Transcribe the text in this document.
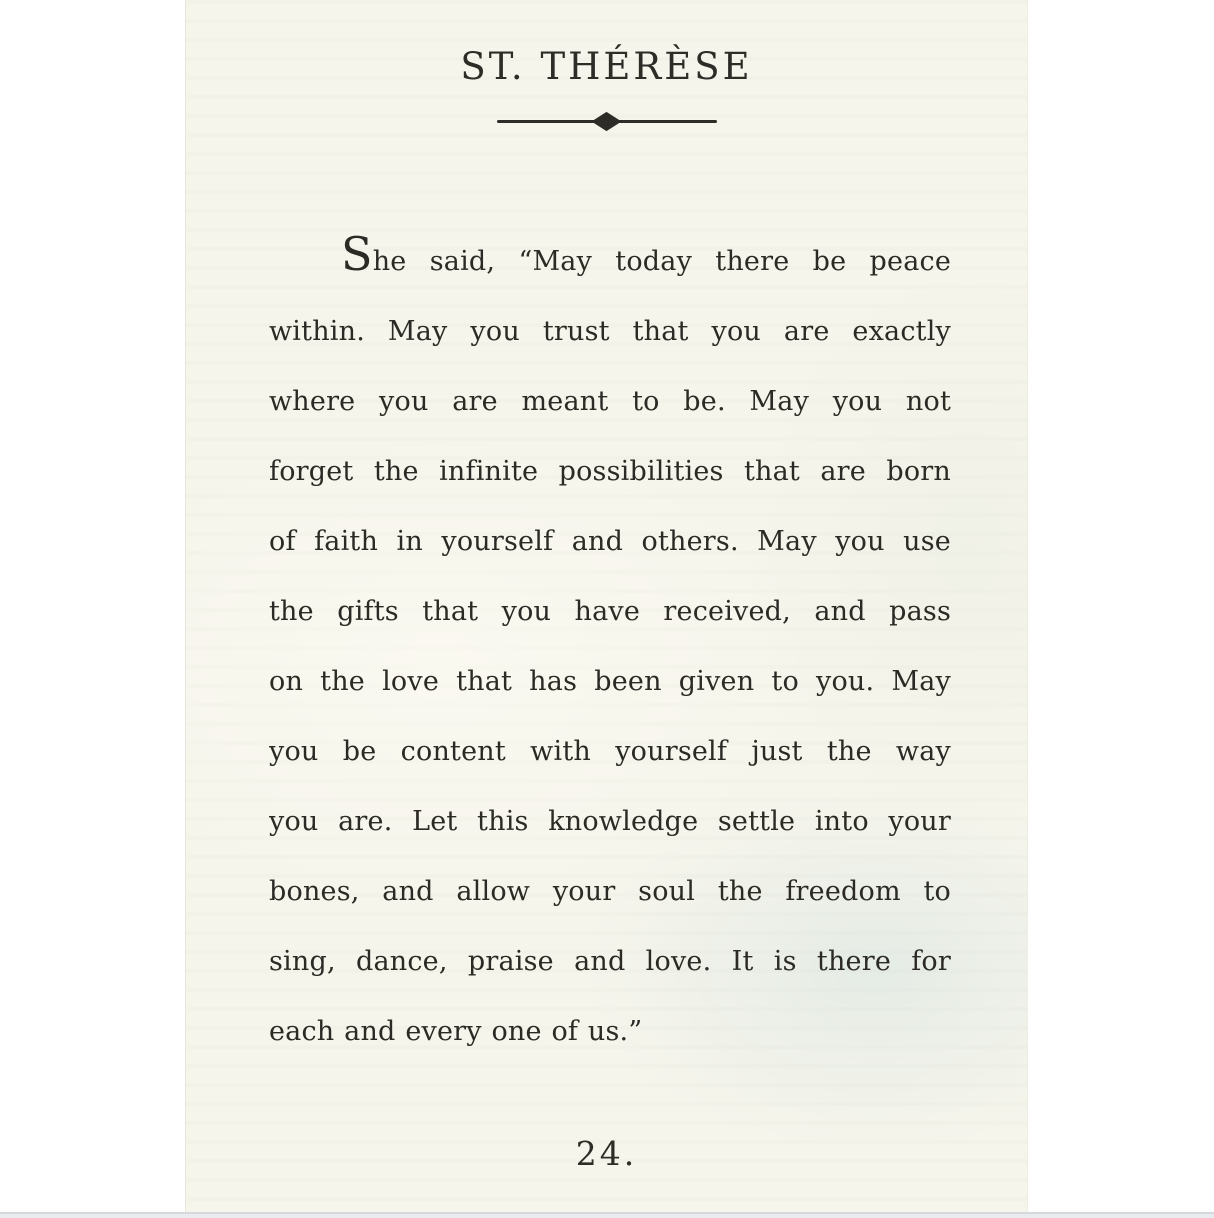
ST. THÉRÈSE
She said, “May today there be peace
within. May you trust that you are exactly
where you are meant to be. May you not
forget the infinite possibilities that are born
of faith in yourself and others. May you use
the gifts that you have received, and pass
on the love that has been given to you. May
you be content with yourself just the way
you are. Let this knowledge settle into your
bones, and allow your soul the freedom to
sing, dance, praise and love. It is there for
each and every one of us.”
24.
